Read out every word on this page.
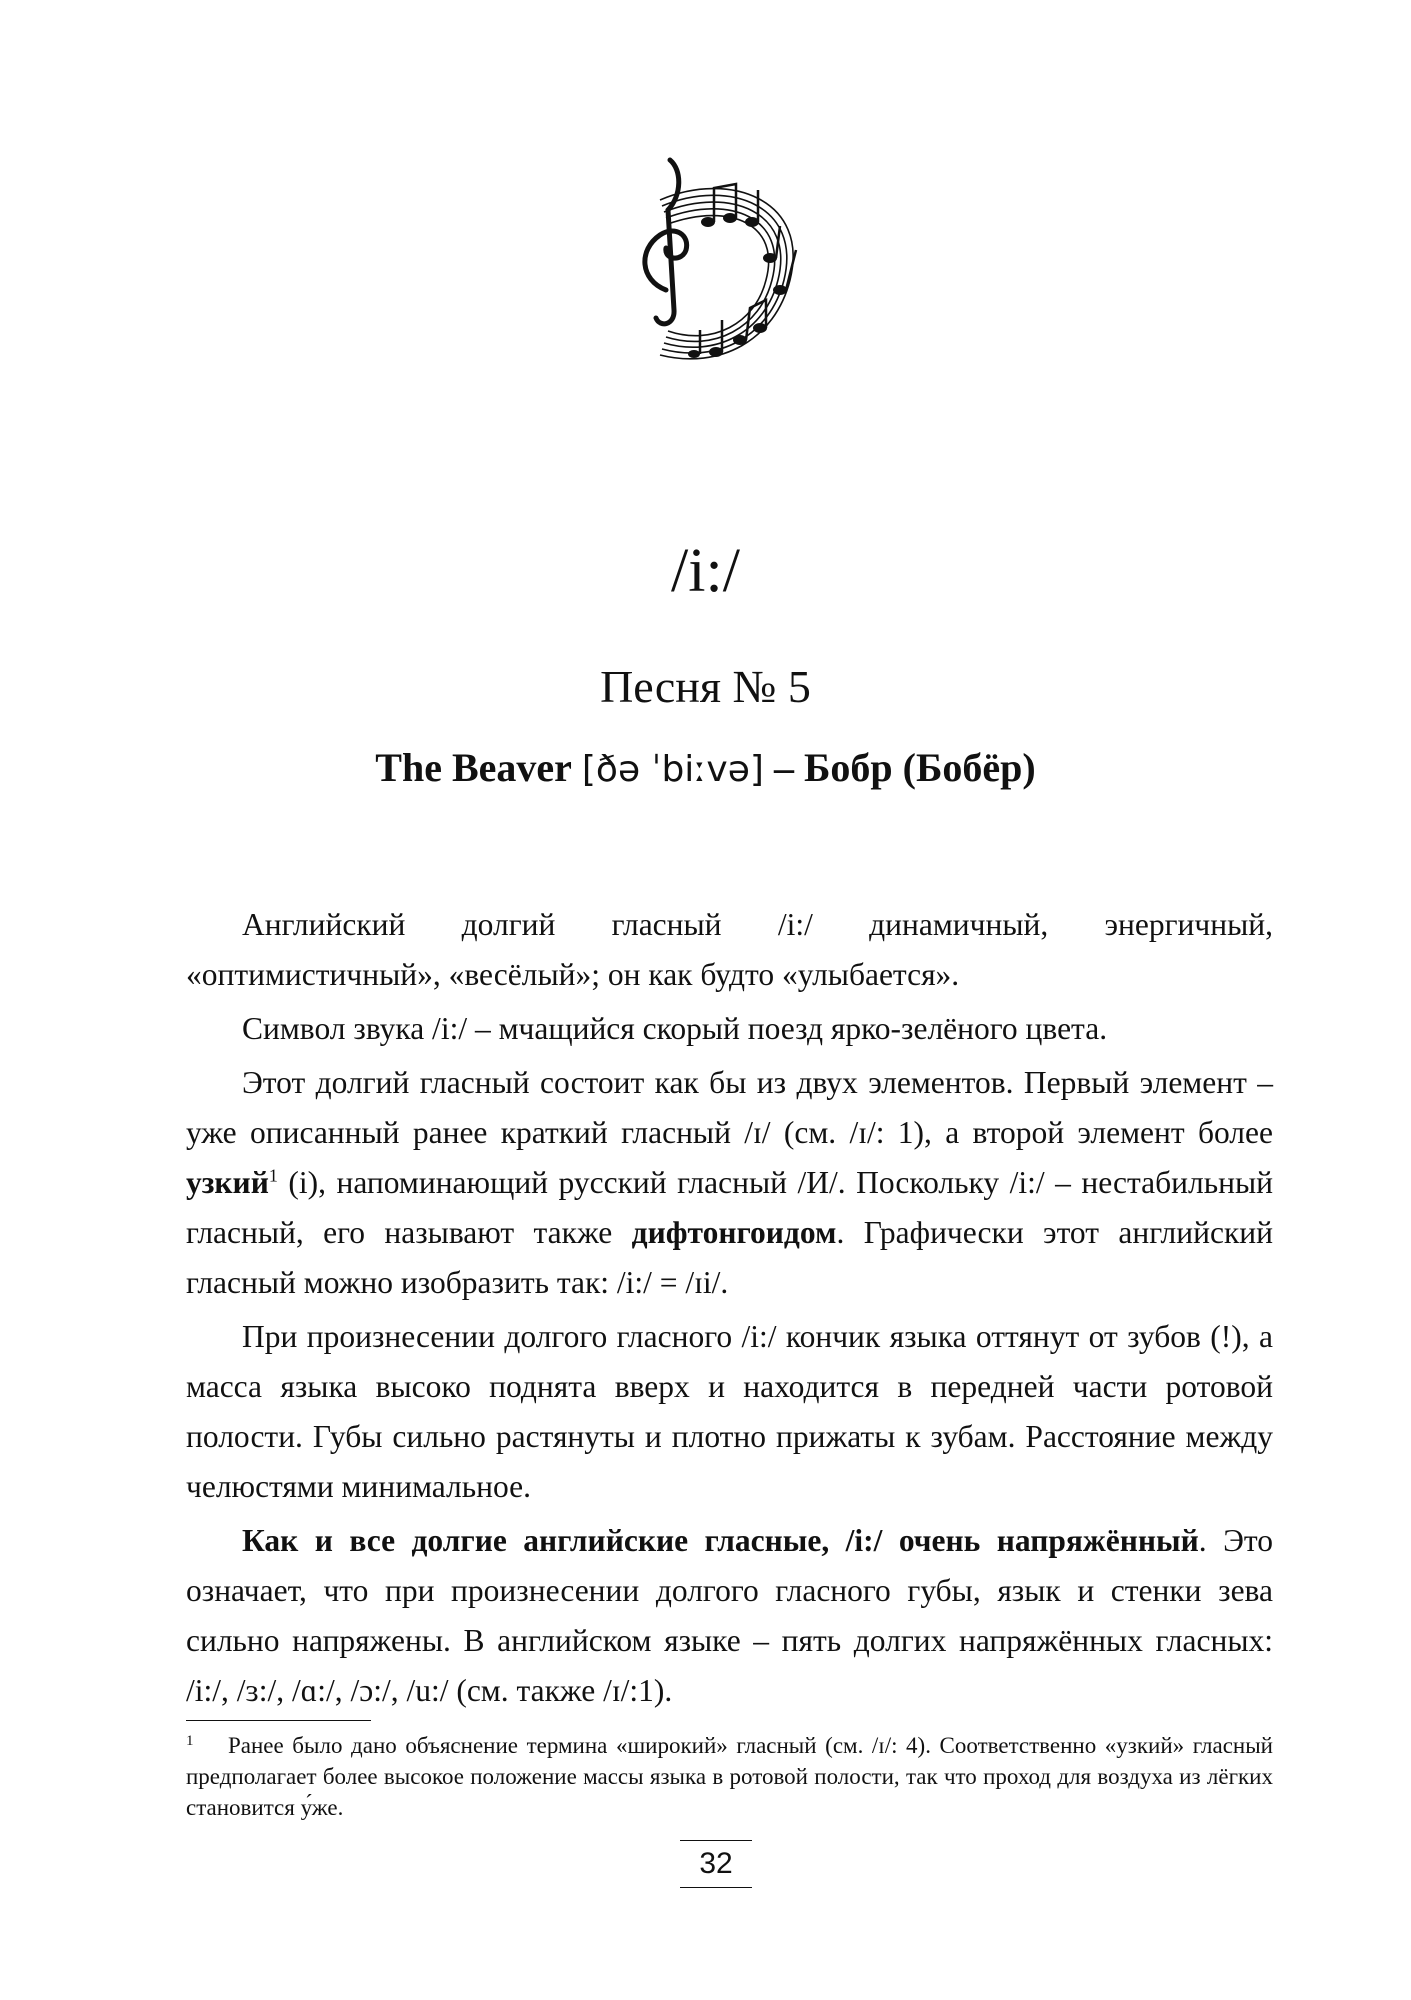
/i:/
Песня № 5
The Beaver [ðə ˈbiːvə] – Бобр (Бобёр)

Английский долгий гласный /i:/ динамичный, энергичный, «оптимистичный», «весёлый»; он как будто «улыбается».

Символ звука /i:/ – мчащийся скорый поезд ярко-зелёного цвета.

Этот долгий гласный состоит как бы из двух элементов. Первый элемент – уже описанный ранее краткий гласный /ɪ/ (см. /ɪ/: 1), а второй элемент более узкий$^1$ (i), напоминающий русский гласный /И/. Поскольку /i:/ – нестабильный гласный, его называют также дифтонгоидом. Графически этот английский гласный можно изобразить так: /i:/ = /ɪi/.

При произнесении долгого гласного /i:/ кончик языка оттянут от зубов (!), а масса языка высоко поднята вверх и находится в передней части ротовой полости. Губы сильно растянуты и плотно прижаты к зубам. Расстояние между челюстями минимальное.

Как и все долгие английские гласные, /i:/ очень напряжённый. Это означает, что при произнесении долгого гласного губы, язык и стенки зева сильно напряжены. В английском языке – пять долгих напряжённых гласных: /i:/, /ɜ:/, /ɑ:/, /ɔ:/, /u:/ (см. также /ɪ/:1).

1 Ранее было дано объяснение термина «широкий» гласный (см. /ɪ/: 4). Соответственно «узкий» гласный предполагает более высокое положение массы языка в ротовой полости, так что проход для воздуха из лёгких становится у́же.
32
